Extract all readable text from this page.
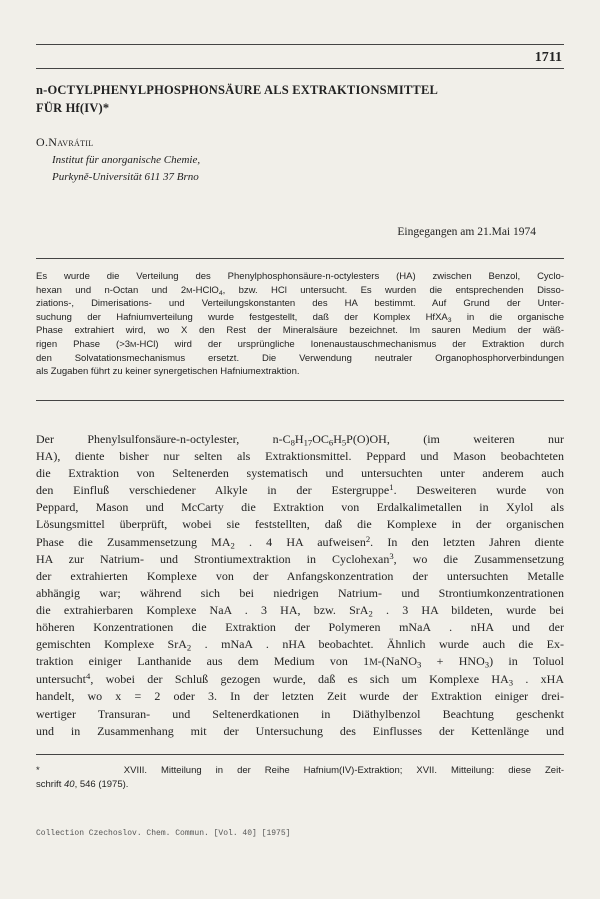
1711
n-OCTYLPHENYLPHOSPHONSÄURE ALS EXTRAKTIONSMITTEL
FÜR Hf(IV)*
O.Navrátil
Institut für anorganische Chemie,
Purkyně-Universität 611 37 Brno
Eingegangen am 21.Mai 1974
Es wurde die Verteilung des Phenylphosphonsäure-n-octylesters (HA) zwischen Benzol, Cyclo-
hexan und n-Octan und 2M-HClO$_4$, bzw. HCl untersucht. Es wurden die entsprechenden Disso-
ziations-, Dimerisations- und Verteilungskonstanten des HA bestimmt. Auf Grund der Unter-
suchung der Hafniumverteilung wurde festgestellt, daß der Komplex HfXA$_3$ in die organische
Phase extrahiert wird, wo X den Rest der Mineralsäure bezeichnet. Im sauren Medium der wäß-
rigen Phase (>3M-HCl) wird der ursprüngliche Ionenaustauschmechanismus der Extraktion durch
den Solvatationsmechanismus ersetzt. Die Verwendung neutraler Organophosphorverbindungen
als Zugaben führt zu keiner synergetischen Hafniumextraktion.
Der Phenylsulfonsäure-n-octylester, $n-C_8H_{17}OC_6H_5P(O)OH$, (im weiteren nur
HA), diente bisher nur selten als Extraktionsmittel. Peppard und Mason beobachteten
die Extraktion von Seltenerden systematisch und untersuchten unter anderem auch
den Einfluß verschiedener Alkyle in der Estergruppe$^1$. Desweiteren wurde von
Peppard, Mason und McCarty die Extraktion von Erdalkalimetallen in Xylol als
Lösungsmittel überprüft, wobei sie feststellten, daß die Komplexe in der organischen
Phase die Zusammensetzung $MA_2$ . 4 HA aufweisen$^2$. In den letzten Jahren diente
HA zur Natrium- und Strontiumextraktion in Cyclohexan$^3$, wo die Zusammensetzung
der extrahierten Komplexe von der Anfangskonzentration der untersuchten Metalle
abhängig war; während sich bei niedrigen Natrium- und Strontiumkonzentrationen
die extrahierbaren Komplexe NaA . 3 HA, bzw. SrA$_2$ . 3 HA bildeten, wurde bei
höheren Konzentrationen die Extraktion der Polymeren mNaA . nHA und der
gemischten Komplexe SrA$_2$ . mNaA . nHA beobachtet. Ähnlich wurde auch die Ex-
traktion einiger Lanthanide aus dem Medium von 1M-(NaNO$_3$ + $HNO_3$) in Toluol
untersucht$^4$, wobei der Schluß gezogen wurde, daß es sich um Komplexe $HA_3$ . xHA
handelt, wo x = 2 oder 3. In der letzten Zeit wurde der Extraktion einiger drei-
wertiger Transuran- und Seltenerdkationen in Diäthylbenzol Beachtung geschenkt
und in Zusammenhang mit der Untersuchung des Einflusses der Kettenlänge und
*	XVIII. Mitteilung in der Reihe Hafnium(IV)-Extraktion; XVII. Mitteilung: diese Zeit-
schrift 40, 546 (1975).
Collection Czechoslov. Chem. Commun. [Vol. 40] [1975]
